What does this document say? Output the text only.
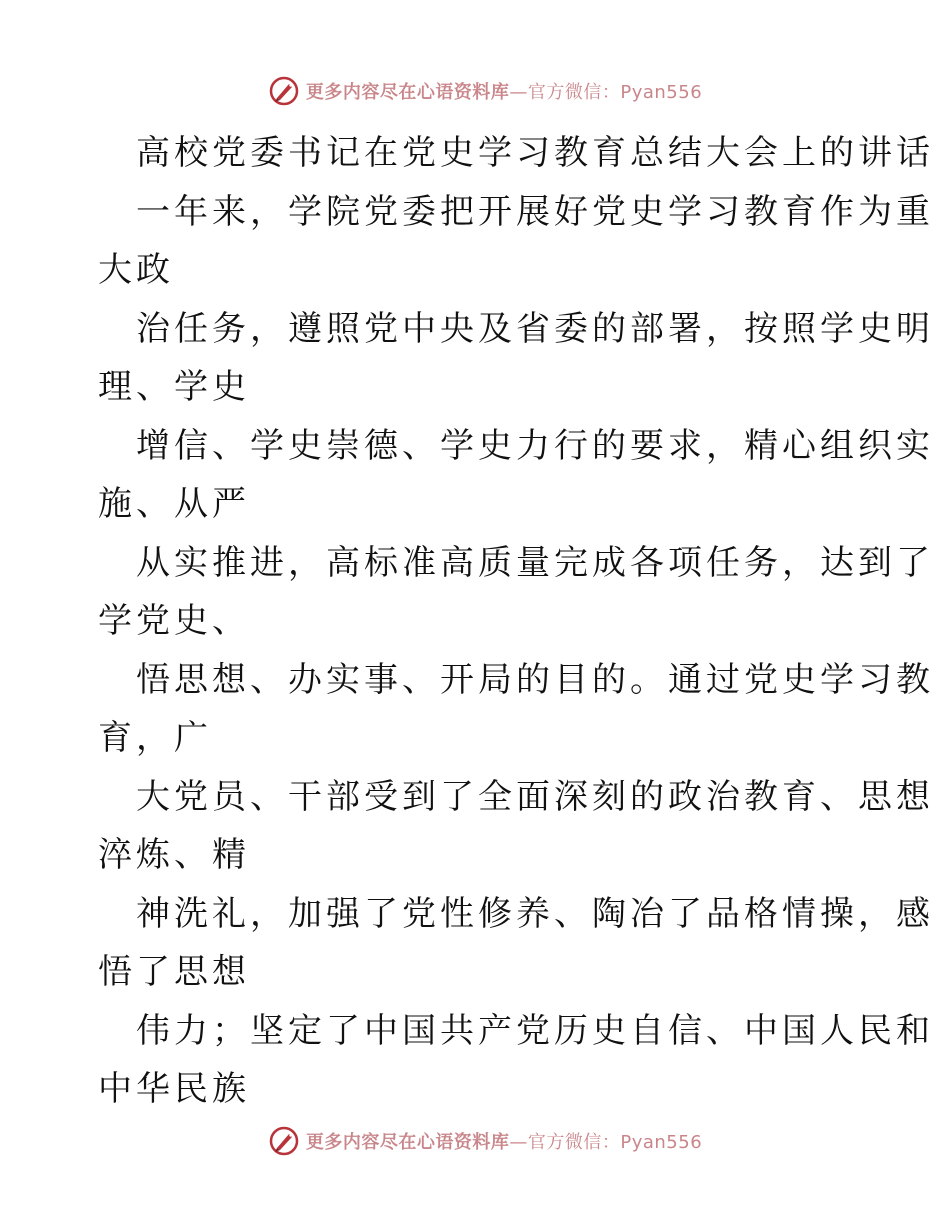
更多内容尽在心语资料库—官方微信：Pyan556
高校党委书记在党史学习教育总结大会上的讲话
一年来，学院党委把开展好党史学习教育作为重
大政
治任务，遵照党中央及省委的部署，按照学史明
理、学史
增信、学史崇德、学史力行的要求，精心组织实
施、从严
从实推进，高标准高质量完成各项任务，达到了
学党史、
悟思想、办实事、开局的目的。通过党史学习教
育，广
大党员、干部受到了全面深刻的政治教育、思想
淬炼、精
神洗礼，加强了党性修养、陶冶了品格情操，感
悟了思想
伟力；坚定了中国共产党历史自信、中国人民和
中华民族
更多内容尽在心语资料库—官方微信：Pyan556
